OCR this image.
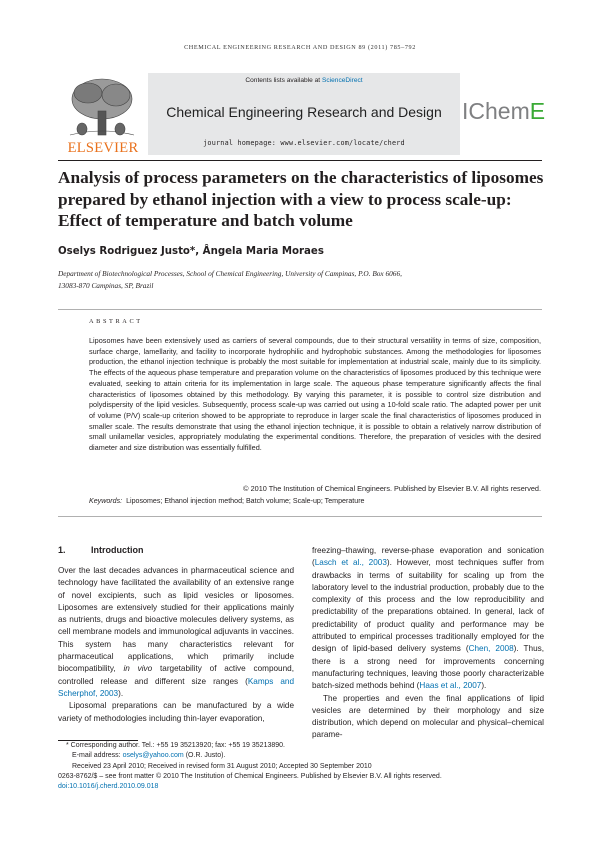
CHEMICAL ENGINEERING RESEARCH AND DESIGN 89 (2011) 785–792
ELSEVIER
Contents lists available at ScienceDirect
Chemical Engineering Research and Design
journal homepage: www.elsevier.com/locate/cherd
IChemE
Analysis of process parameters on the characteristics of liposomes prepared by ethanol injection with a view to process scale-up: Effect of temperature and batch volume
Oselys Rodriguez Justo*, Ângela Maria Moraes
Department of Biotechnological Processes, School of Chemical Engineering, University of Campinas, P.O. Box 6066,
13083-870 Campinas, SP, Brazil
ABSTRACT
Liposomes have been extensively used as carriers of several compounds, due to their structural versatility in terms of size, composition, surface charge, lamellarity, and facility to incorporate hydrophilic and hydrophobic substances. Among the methodologies for liposomes production, the ethanol injection technique is probably the most suitable for implementation at industrial scale, mainly due to its simplicity. The effects of the aqueous phase temperature and preparation volume on the characteristics of liposomes produced by this technique were evaluated, seeking to attain criteria for its implementation in large scale. The aqueous phase temperature significantly affects the final characteristics of liposomes obtained by this methodology. By varying this parameter, it is possible to control size distribution and polydispersity of the lipid vesicles. Subsequently, process scale-up was carried out using a 10-fold scale ratio. The adapted power per unit of volume (P/V) scale-up criterion showed to be appropriate to reproduce in larger scale the final characteristics of liposomes produced in smaller scale. The results demonstrate that using the ethanol injection technique, it is possible to obtain a relatively narrow distribution of small unilamellar vesicles, appropriately modulating the experimental conditions. Therefore, the preparation of vesicles with the desired diameter and size distribution was essentially fulfilled.
© 2010 The Institution of Chemical Engineers. Published by Elsevier B.V. All rights reserved.
Keywords: Liposomes; Ethanol injection method; Batch volume; Scale-up; Temperature
1.	Introduction

Over the last decades advances in pharmaceutical science and technology have facilitated the availability of an extensive range of novel excipients, such as lipid vesicles or liposomes. Liposomes are extensively studied for their applications mainly as nutrients, drugs and bioactive molecules delivery systems, as cell membrane models and immunological adjuvants in vaccines. This system has many characteristics relevant for pharmaceutical applications, which primarily include biocompatibility, in vivo targetability of active compound, controlled release and different size ranges (Kamps and Scherphof, 2003).

Liposomal preparations can be manufactured by a wide variety of methodologies including thin-layer evaporation,

freezing–thawing, reverse-phase evaporation and sonication (Lasch et al., 2003). However, most techniques suffer from drawbacks in terms of suitability for scaling up from the laboratory level to the industrial production, probably due to the complexity of this process and the low reproducibility and predictability of the preparations obtained. In general, lack of predictability of product quality and performance may be attributed to empirical processes traditionally employed for the design of lipid-based delivery systems (Chen, 2008). Thus, there is a strong need for improvements concerning manufacturing techniques, leaving those poorly characterizable batch-sized methods behind (Haas et al., 2007).

The properties and even the final applications of lipid vesicles are determined by their morphology and size distribution, which depend on molecular and physical–chemical parame-

* Corresponding author. Tel.: +55 19 35213920; fax: +55 19 35213890.
E-mail address: oselys@yahoo.com (O.R. Justo).
Received 23 April 2010; Received in revised form 31 August 2010; Accepted 30 September 2010
0263-8762/$ – see front matter © 2010 The Institution of Chemical Engineers. Published by Elsevier B.V. All rights reserved.
doi:10.1016/j.cherd.2010.09.018
